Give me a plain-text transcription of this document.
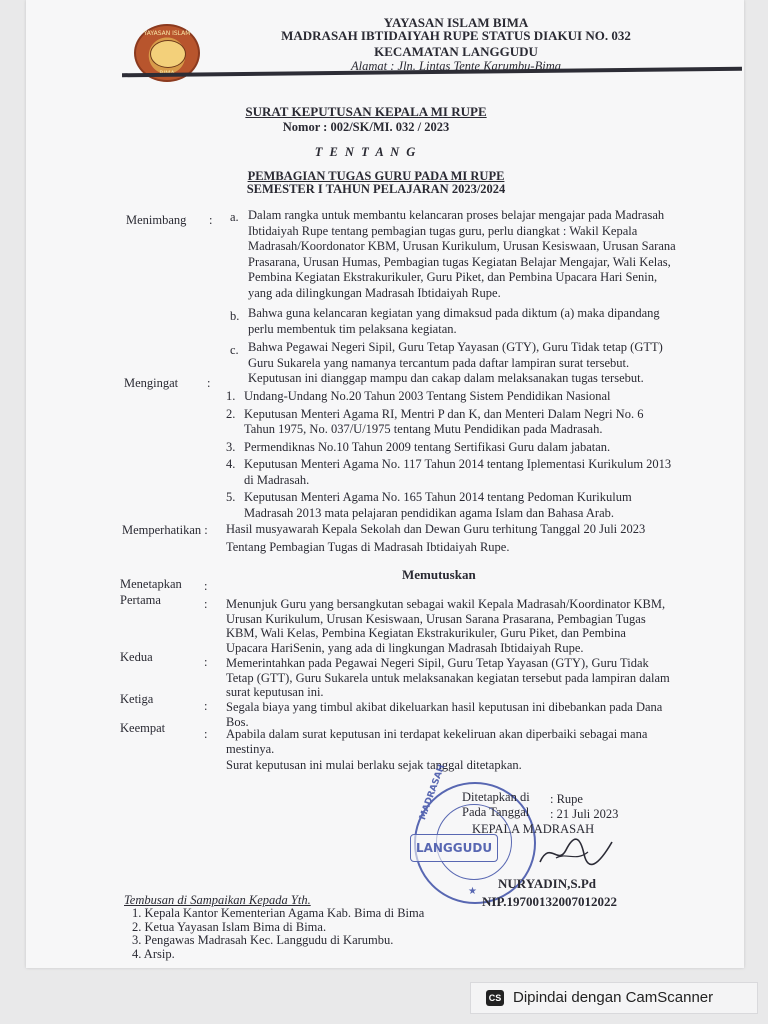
YAYASAN ISLAM
BIMA
YAYASAN ISLAM BIMA
MADRASAH IBTIDAIYAH RUPE STATUS DIAKUI NO. 032
KECAMATAN LANGGUDU
Alamat : Jln. Lintas Tente Karumbu-Bima
SURAT KEPUTUSAN KEPALA MI RUPE
Nomor : 002/SK/MI. 032 / 2023
T E N T A N G
PEMBAGIAN TUGAS GURU PADA MI RUPE
SEMESTER I TAHUN PELAJARAN 2023/2024
Menimbang : a. Dalam rangka untuk membantu kelancaran proses belajar mengajar pada Madrasah
Ibtidaiyah Rupe tentang pembagian tugas guru, perlu diangkat : Wakil Kepala
Madrasah/Koordonator KBM, Urusan Kurikulum, Urusan Kesiswaan, Urusan Sarana
Prasarana, Urusan Humas, Pembagian tugas Kegiatan Belajar Mengajar, Wali Kelas,
Pembina Kegiatan Ekstrakurikuler, Guru Piket, dan Pembina Upacara Hari Senin,
yang ada dilingkungan Madrasah Ibtidaiyah Rupe.
b. Bahwa guna kelancaran kegiatan yang dimaksud pada diktum (a) maka dipandang
perlu membentuk tim pelaksana kegiatan.
c. Bahwa Pegawai Negeri Sipil, Guru Tetap Yayasan (GTY), Guru Tidak tetap (GTT)
Guru Sukarela yang namanya tercantum pada daftar lampiran surat tersebut.
Keputusan ini dianggap mampu dan cakap dalam melaksanakan tugas tersebut.
Mengingat :
1. Undang-Undang No.20 Tahun 2003 Tentang Sistem Pendidikan Nasional
2. Keputusan Menteri Agama RI, Mentri P dan K, dan Menteri Dalam Negri No. 6
Tahun 1975, No. 037/U/1975 tentang Mutu Pendidikan pada Madrasah.
3. Permendiknas No.10 Tahun 2009 tentang Sertifikasi Guru dalam jabatan.
4. Keputusan Menteri Agama No. 117 Tahun 2014 tentang Iplementasi Kurikulum 2013
di Madrasah.
5. Keputusan Menteri Agama No. 165 Tahun 2014 tentang Pedoman Kurikulum
Madrasah 2013 mata pelajaran pendidikan agama Islam dan Bahasa Arab.
Memperhatikan : Hasil musyawarah Kepala Sekolah dan Dewan Guru terhitung Tanggal 20 Juli 2023
Tentang Pembagian Tugas di Madrasah Ibtidaiyah Rupe.
Memutuskan
Menetapkan :
Pertama	: Menunjuk Guru yang bersangkutan sebagai wakil Kepala Madrasah/Koordinator KBM,
Urusan Kurikulum, Urusan Kesiswaan, Urusan Sarana Prasarana, Pembagian Tugas
KBM, Wali Kelas, Pembina Kegiatan Ekstrakurikuler, Guru Piket, dan Pembina
Upacara HariSenin, yang ada di lingkungan Madrasah Ibtidaiyah Rupe.
Kedua	: Memerintahkan pada Pegawai Negeri Sipil, Guru Tetap Yayasan (GTY), Guru Tidak
Tetap (GTT), Guru Sukarela untuk melaksanakan kegiatan tersebut pada lampiran dalam
surat keputusan ini.
Ketiga	: Segala biaya yang timbul akibat dikeluarkan hasil keputusan ini dibebankan pada Dana
Bos.
Keempat	: Apabila dalam surat keputusan ini terdapat kekeliruan akan diperbaiki sebagai mana
mestinya.
Surat keputusan ini mulai berlaku sejak tanggal ditetapkan.
LANGGUDU
MADRASAH
★
Ditetapkan di : Rupe
Pada Tanggal : 21 Juli 2023
KEPALA MADRASAH
NURYADIN,S.Pd
NIP.19700132007012022
Tembusan di Sampaikan Kepada Yth.
1. Kepala Kantor Kementerian Agama Kab. Bima di Bima
2. Ketua Yayasan Islam Bima di Bima.
3. Pengawas Madrasah Kec. Langgudu di Karumbu.
4. Arsip.
CS Dipindai dengan CamScanner
